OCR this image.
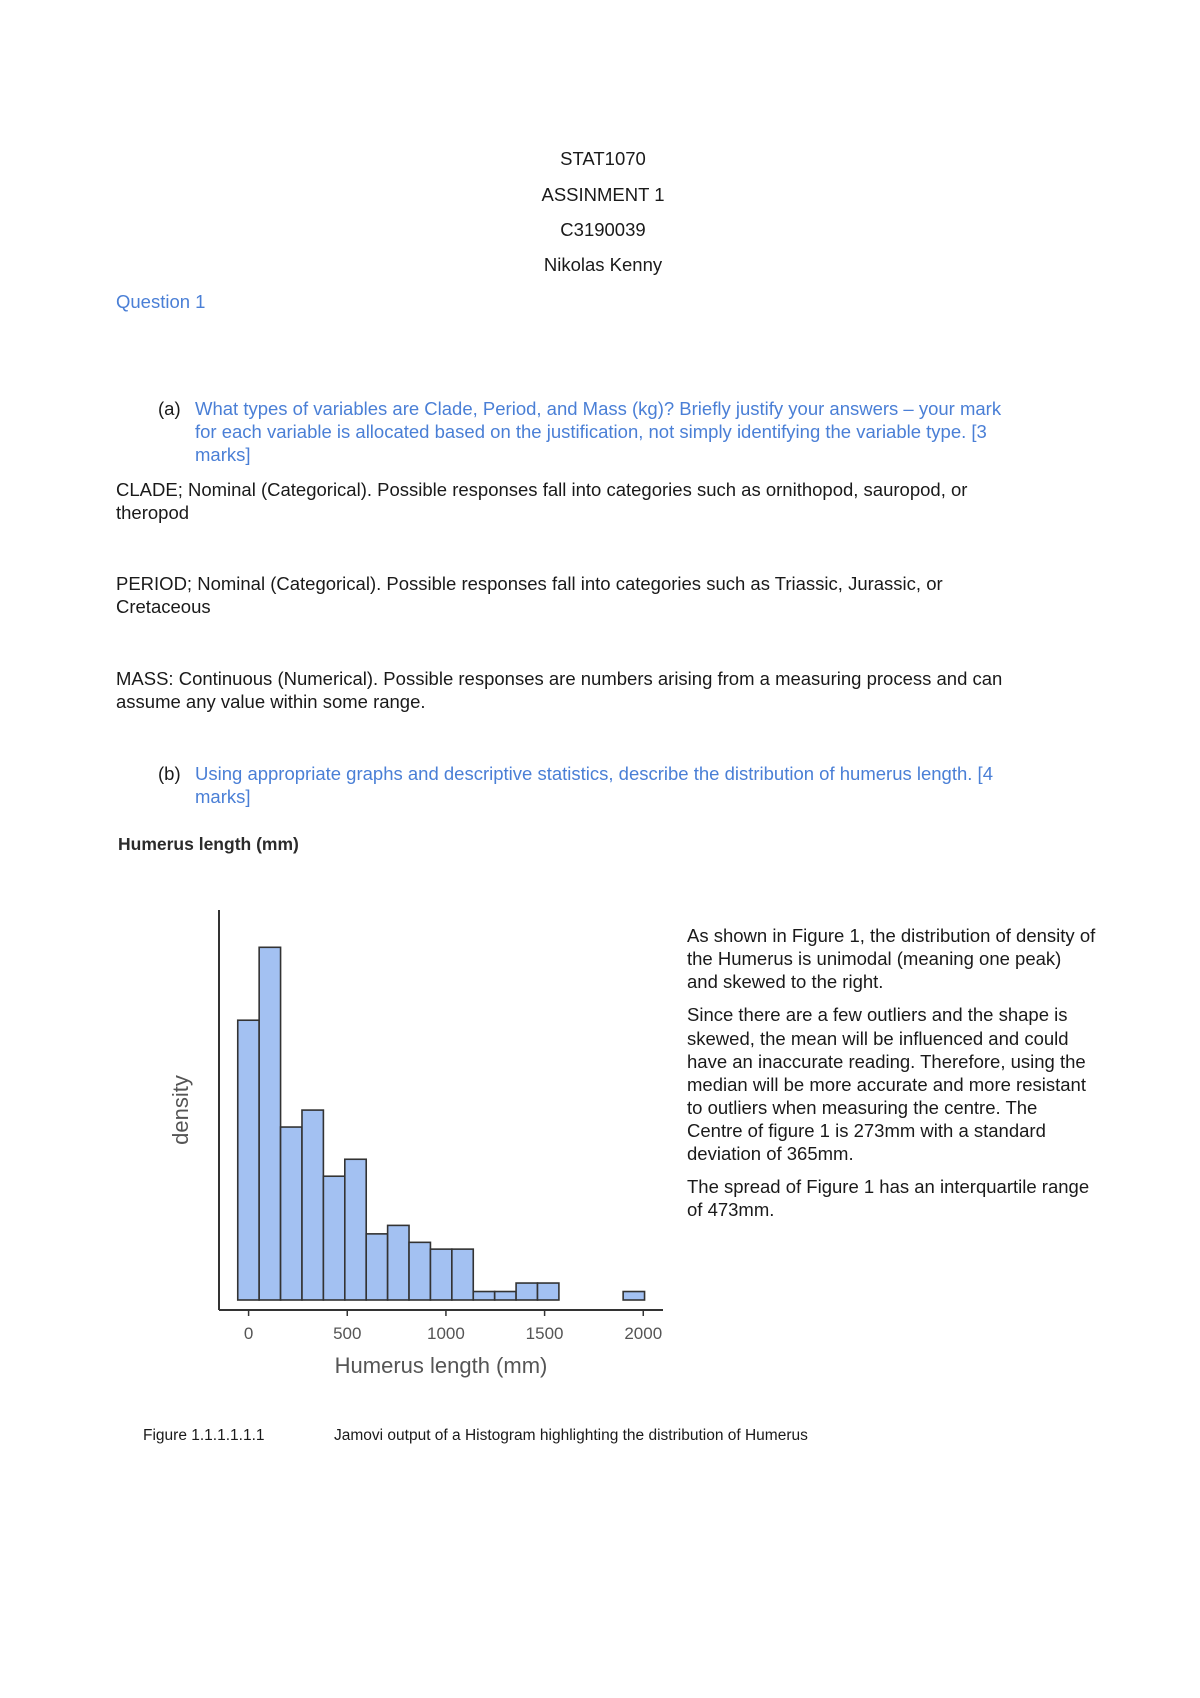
STAT1070
ASSINMENT 1
C3190039
Nikolas Kenny
Question 1
(a) What types of variables are Clade, Period, and Mass (kg)? Briefly justify your answers – your mark
for each variable is allocated based on the justification, not simply identifying the variable type. [3
marks]
CLADE; Nominal (Categorical). Possible responses fall into categories such as ornithopod, sauropod, or
theropod
PERIOD; Nominal (Categorical). Possible responses fall into categories such as Triassic, Jurassic, or
Cretaceous
MASS: Continuous (Numerical). Possible responses are numbers arising from a measuring process and can
assume any value within some range.
(b) Using appropriate graphs and descriptive statistics, describe the distribution of humerus length. [4
marks]
Humerus length (mm)
0	500	1000	1500	2000
Humerus length (mm)
density

As shown in Figure 1, the distribution of density of the Humerus is unimodal (meaning one peak) and skewed to the right.

Since there are a few outliers and the shape is skewed, the mean will be influenced and could have an inaccurate reading. Therefore, using the median will be more accurate and more resistant to outliers when measuring the centre. The Centre of figure 1 is 273mm with a standard deviation of 365mm.

The spread of Figure 1 has an interquartile range of 473mm.

Figure 1.1.1.1.1.1	Jamovi output of a Histogram highlighting the distribution of Humerus
